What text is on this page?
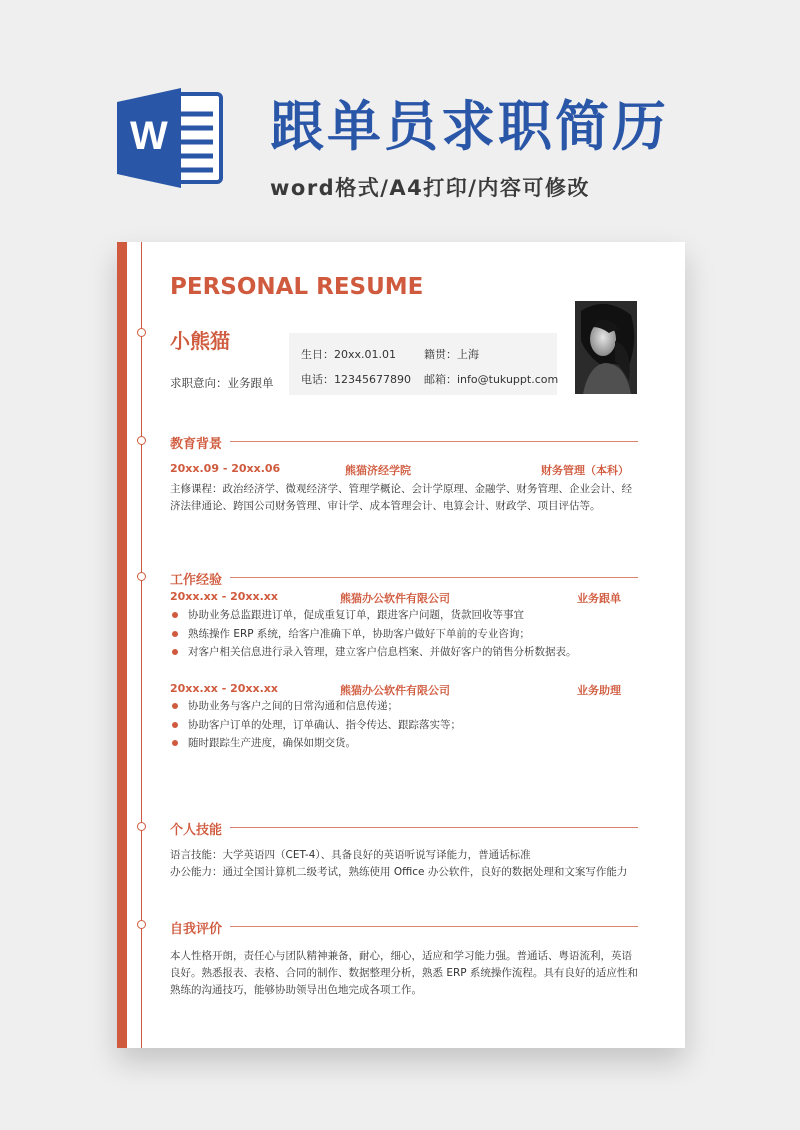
W 跟单员求职简历
word格式/A4打印/内容可修改
PERSONAL RESUME
小熊猫
求职意向：业务跟单
生日：20xx.01.01	籍贯：上海
电话：12345677890 邮箱：info@tukuppt.com
教育背景
20xx.09 - 20xx.06	熊猫济经学院	财务管理（本科）
主修课程：政治经济学、微观经济学、管理学概论、会计学原理、金融学、财务管理、企业会计、经济法律通论、跨国公司财务管理、审计学、成本管理会计、电算会计、财政学、项目评估等。
工作经验
20xx.xx - 20xx.xx	熊猫办公软件有限公司	业务跟单
协助业务总监跟进订单，促成重复订单，跟进客户问题，货款回收等事宜
熟练操作 ERP 系统，给客户准确下单，协助客户做好下单前的专业咨询；
对客户相关信息进行录入管理，建立客户信息档案、并做好客户的销售分析数据表。
20xx.xx - 20xx.xx	熊猫办公软件有限公司	业务助理
协助业务与客户之间的日常沟通和信息传递；
协助客户订单的处理，订单确认、指令传达、跟踪落实等；
随时跟踪生产进度，确保如期交货。
个人技能
语言技能：大学英语四（CET-4）、具备良好的英语听说写译能力，普通话标准
办公能力：通过全国计算机二级考试，熟练使用 Office 办公软件，良好的数据处理和文案写作能力
自我评价
本人性格开朗，责任心与团队精神兼备，耐心，细心，适应和学习能力强。普通话、粤语流利，英语良好。熟悉报表、表格、合同的制作、数据整理分析，熟悉 ERP 系统操作流程。具有良好的适应性和熟练的沟通技巧，能够协助领导出色地完成各项工作。
